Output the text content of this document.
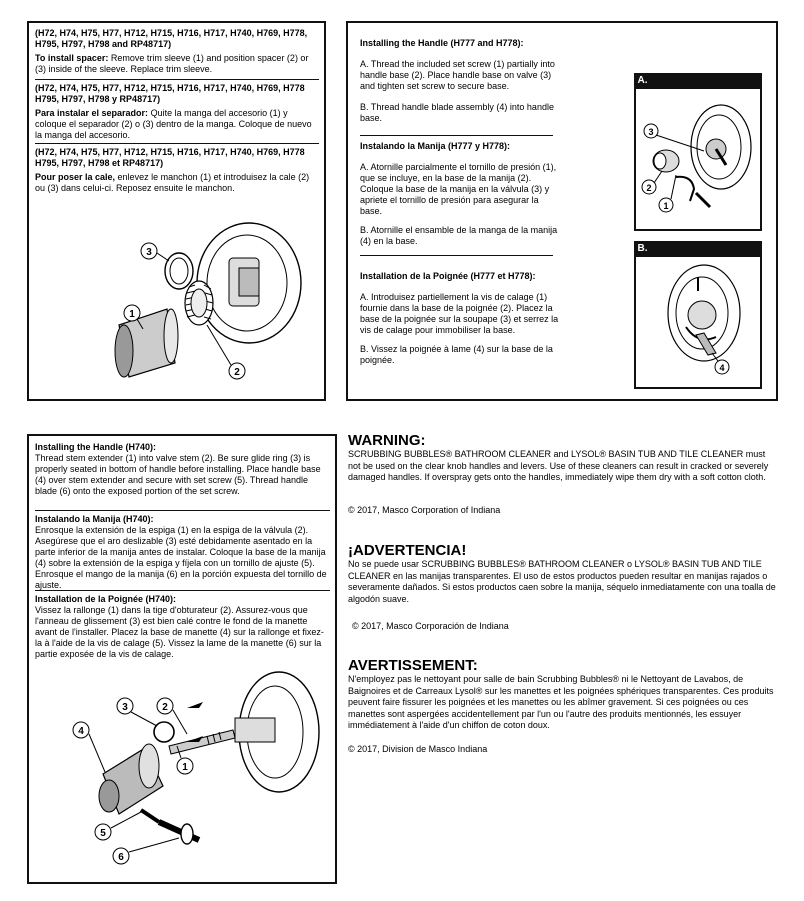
(H72, H74, H75, H77, H712, H715, H716, H717, H740, H769, H778, H795, H797, H798 and RP48717)

To install spacer: Remove trim sleeve (1) and position spacer (2) or (3) inside of the sleeve. Replace trim sleeve.

(H72, H74, H75, H77, H712, H715, H716, H717, H740, H769, H778 H795, H797, H798 y RP48717)

Para instalar el separador: Quite la manga del accesorio (1) y coloque el separador (2) o (3) dentro de la manga. Coloque de nuevo la manga del accesorio.

(H72, H74, H75, H77, H712, H715, H716, H717, H740, H769, H778 H795, H797, H798 et RP48717)

Pour poser la cale, enlevez le manchon (1) et introduisez la cale (2) ou (3) dans celui-ci. Reposez ensuite le manchon.

3
1
2

Installing the Handle (H777 and H778):

A. Thread the included set screw (1) partially into handle base (2). Place handle base on valve (3) and tighten set screw to secure base.

B. Thread handle blade assembly (4) into handle base.

Instalando la Manija (H777 y H778):

A. Atornille parcialmente el tornillo de presión (1), que se incluye, en la base de la manija (2). Coloque la base de la manija en la válvula (3) y apriete el tornillo de presión para asegurar la base.

B. Atornille el ensamble de la manga de la manija (4) en la base.

Installation de la Poignée (H777 et H778):

A. Introduisez partiellement la vis de calage (1) fournie dans la base de la poignée (2). Placez la base de la poignée sur la soupape (3) et serrez la vis de calage pour immobiliser la base.

B. Vissez la poignée à lame (4) sur la base de la poignée.

A.
3
2
1
B.
4

Installing the Handle (H740):

Thread stem extender (1) into valve stem (2). Be sure glide ring (3) is properly seated in bottom of handle before installing. Place handle base (4) over stem extender and secure with set screw (5). Thread handle blade (6) onto the exposed portion of the set screw.

Instalando la Manija (H740):

Enrosque la extensión de la espiga (1) en la espiga de la válvula (2). Asegúrese que el aro deslizable (3) esté debidamente asentado en la parte inferior de la manija antes de instalar. Coloque la base de la manija (4) sobre la extensión de la espiga y fíjela con un tornillo de ajuste (5). Enrosque el mango de la manija (6) en la porción expuesta del tornillo de ajuste.

Installation de la Poignée (H740):

Vissez la rallonge (1) dans la tige d'obturateur (2). Assurez-vous que l'anneau de glissement (3) est bien calé contre le fond de la manette avant de l'installer. Placez la base de manette (4) sur la rallonge et fixez-la à l'aide de la vis de calage (5). Vissez la lame de la manette (6) sur la partie exposée de la vis de calage.

4
3	2
1
5
6
WARNING:
SCRUBBING BUBBLES® BATHROOM CLEANER and LYSOL® BASIN TUB AND TILE CLEANER must not be used on the clear knob handles and levers. Use of these cleaners can result in cracked or severely damaged handles. If overspray gets onto the handles, immediately wipe them dry with a soft cotton cloth.
© 2017, Masco Corporation of Indiana
¡ADVERTENCIA!
No se puede usar SCRUBBING BUBBLES® BATHROOM CLEANER o LYSOL® BASIN TUB AND TILE CLEANER en las manijas transparentes. El uso de estos productos pueden resultar en manijas rajados o severamente dañados. Si estos productos caen sobre la manija, séquelo inmediatamente con una toalla de algodón suave.
© 2017, Masco Corporación de Indiana
AVERTISSEMENT:
N'employez pas le nettoyant pour salle de bain Scrubbing Bubbles® ni le Nettoyant de Lavabos, de Baignoires et de Carreaux Lysol® sur les manettes et les poignées sphériques transparentes. Ces produits peuvent faire fissurer les poignées et les manettes ou les abîmer gravement. Si ces poignées ou ces manettes sont aspergées accidentellement par l'un ou l'autre des produits mentionnés, les essuyer immédiatement à l'aide d'un chiffon de coton doux.
© 2017, Division de Masco Indiana
